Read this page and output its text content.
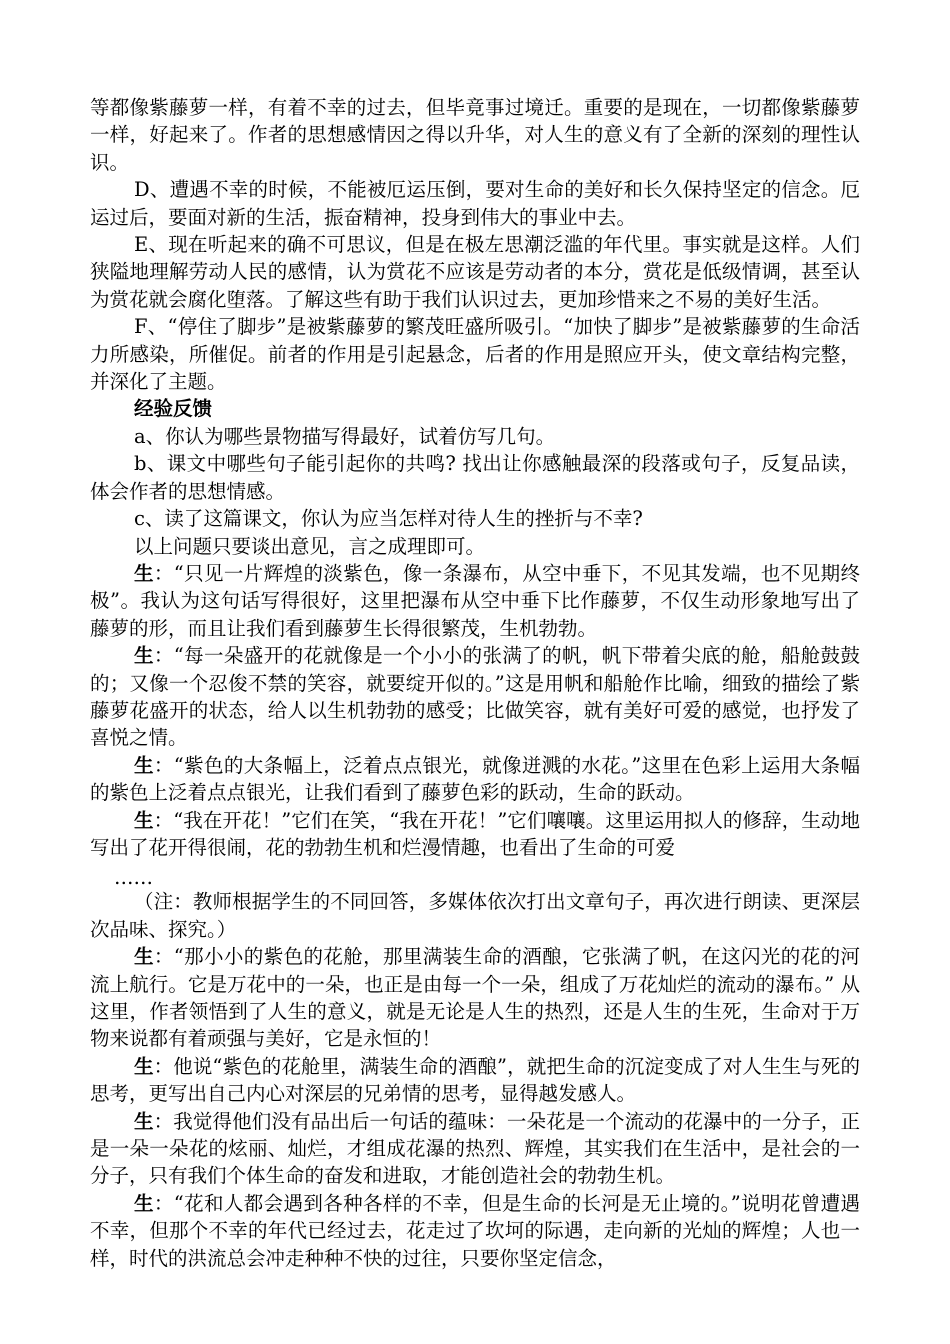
等都像紫藤萝一样，有着不幸的过去，但毕竟事过境迁。重要的是现在，一切都像紫藤萝一样，好起来了。作者的思想感情因之得以升华，对人生的意义有了全新的深刻的理性认识。

D、遭遇不幸的时候，不能被厄运压倒，要对生命的美好和长久保持坚定的信念。厄运过后，要面对新的生活，振奋精神，投身到伟大的事业中去。

E、现在听起来的确不可思议，但是在极左思潮泛滥的年代里。事实就是这样。人们狭隘地理解劳动人民的感情，认为赏花不应该是劳动者的本分，赏花是低级情调，甚至认为赏花就会腐化堕落。了解这些有助于我们认识过去，更加珍惜来之不易的美好生活。

F、“停住了脚步”是被紫藤萝的繁茂旺盛所吸引。“加快了脚步”是被紫藤萝的生命活力所感染，所催促。前者的作用是引起悬念，后者的作用是照应开头，使文章结构完整，并深化了主题。

经验反馈

a、你认为哪些景物描写得最好，试着仿写几句。

b、课文中哪些句子能引起你的共鸣? 找出让你感触最深的段落或句子，反复品读，体会作者的思想情感。

c、读了这篇课文，你认为应当怎样对待人生的挫折与不幸?

以上问题只要谈出意见，言之成理即可。

生：“只见一片辉煌的淡紫色，像一条瀑布，从空中垂下，不见其发端，也不见期终极”。我认为这句话写得很好，这里把瀑布从空中垂下比作藤萝，不仅生动形象地写出了藤萝的形，而且让我们看到藤萝生长得很繁茂，生机勃勃。

生：“每一朵盛开的花就像是一个小小的张满了的帆，帆下带着尖底的舱，船舱鼓鼓的；又像一个忍俊不禁的笑容，就要绽开似的。”这是用帆和船舱作比喻，细致的描绘了紫藤萝花盛开的状态，给人以生机勃勃的感受；比做笑容，就有美好可爱的感觉，也抒发了喜悦之情。

生：“紫色的大条幅上，泛着点点银光，就像迸溅的水花。”这里在色彩上运用大条幅的紫色上泛着点点银光，让我们看到了藤萝色彩的跃动，生命的跃动。

生：“我在开花！”它们在笑，“我在开花！”它们嚷嚷。这里运用拟人的修辞，生动地写出了花开得很闹，花的勃勃生机和烂漫情趣，也看出了生命的可爱

……

（注：教师根据学生的不同回答，多媒体依次打出文章句子，再次进行朗读、更深层次品味、探究。）

生：“那小小的紫色的花舱，那里满装生命的酒酿，它张满了帆，在这闪光的花的河流上航行。它是万花中的一朵，也正是由每一个一朵，组成了万花灿烂的流动的瀑布。” 从这里，作者领悟到了人生的意义，就是无论是人生的热烈，还是人生的生死，生命对于万物来说都有着顽强与美好，它是永恒的！

生：他说“紫色的花舱里，满装生命的酒酿”，就把生命的沉淀变成了对人生生与死的思考，更写出自己内心对深层的兄弟情的思考，显得越发感人。

生：我觉得他们没有品出后一句话的蕴味：一朵花是一个流动的花瀑中的一分子，正是一朵一朵花的炫丽、灿烂，才组成花瀑的热烈、辉煌，其实我们在生活中，是社会的一分子，只有我们个体生命的奋发和进取，才能创造社会的勃勃生机。

生：“花和人都会遇到各种各样的不幸，但是生命的长河是无止境的。”说明花曾遭遇不幸，但那个不幸的年代已经过去，花走过了坎坷的际遇，走向新的光灿的辉煌；人也一样，时代的洪流总会冲走种种不快的过往，只要你坚定信念，
